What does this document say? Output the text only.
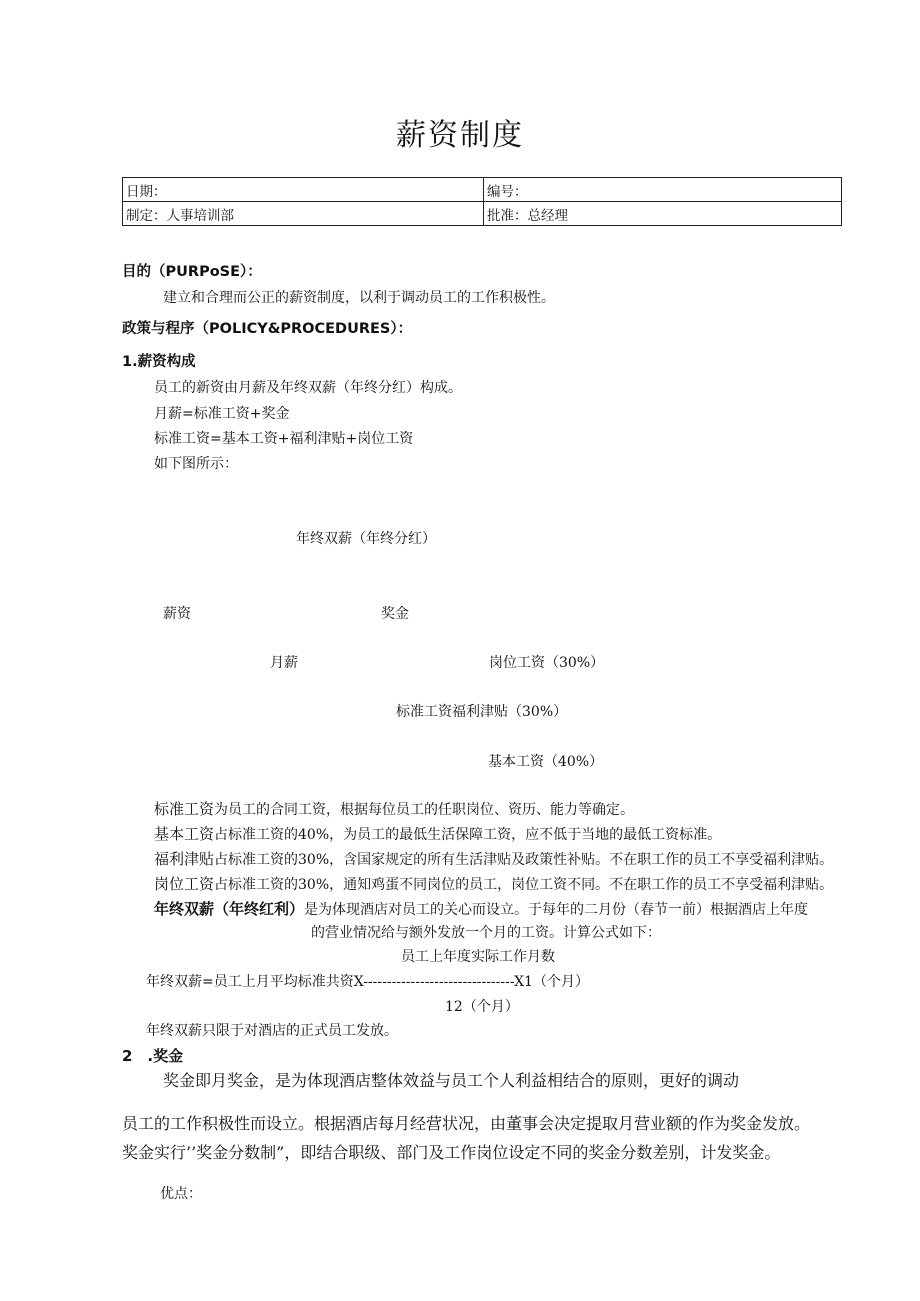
薪资制度
日期：	编号：
制定：人事培训部	批准：总经理
目的（PURPoSE）：
建立和合理而公正的薪资制度，以利于调动员工的工作积极性。
政策与程序（POLICY&PROCEDURES）：
1.薪资构成
员工的新资由月薪及年终双薪（年终分红）构成。
月薪=标准工资+奖金
标准工资=基本工资+福利津贴+岗位工资
如下图所示：
年终双薪（年终分红）
薪资	奖金
月薪	岗位工资（30%）
标准工资福利津贴（30%）
基本工资（40%）
标准工资为员工的合同工资，根据每位员工的任职岗位、资历、能力等确定。
基本工资占标准工资的40%，为员工的最低生活保障工资，应不低于当地的最低工资标准。
福利津贴占标准工资的30%，含国家规定的所有生活津贴及政策性补贴。不在职工作的员工不享受福利津贴。
岗位工资占标准工资的30%，通知鸡蛋不同岗位的员工，岗位工资不同。不在职工作的员工不享受福利津贴。
年终双薪（年终红利）是为体现酒店对员工的关心而设立。于每年的二月份（春节一前）根据酒店上年度
的营业情况给与额外发放一个月的工资。计算公式如下：
员工上年度实际工作月数
年终双薪=员工上月平均标准共资X--------------------------------X1（个月）
12（个月）
年终双薪只限于对酒店的正式员工发放。
2　.奖金
奖金即月奖金，是为体现酒店整体效益与员工个人利益相结合的原则，更好的调动
员工的工作积极性而设立。根据酒店每月经营状况，由董事会决定提取月营业额的作为奖金发放。
奖金实行’’奖金分数制”，即结合职级、部门及工作岗位设定不同的奖金分数差别，计发奖金。
优点：
